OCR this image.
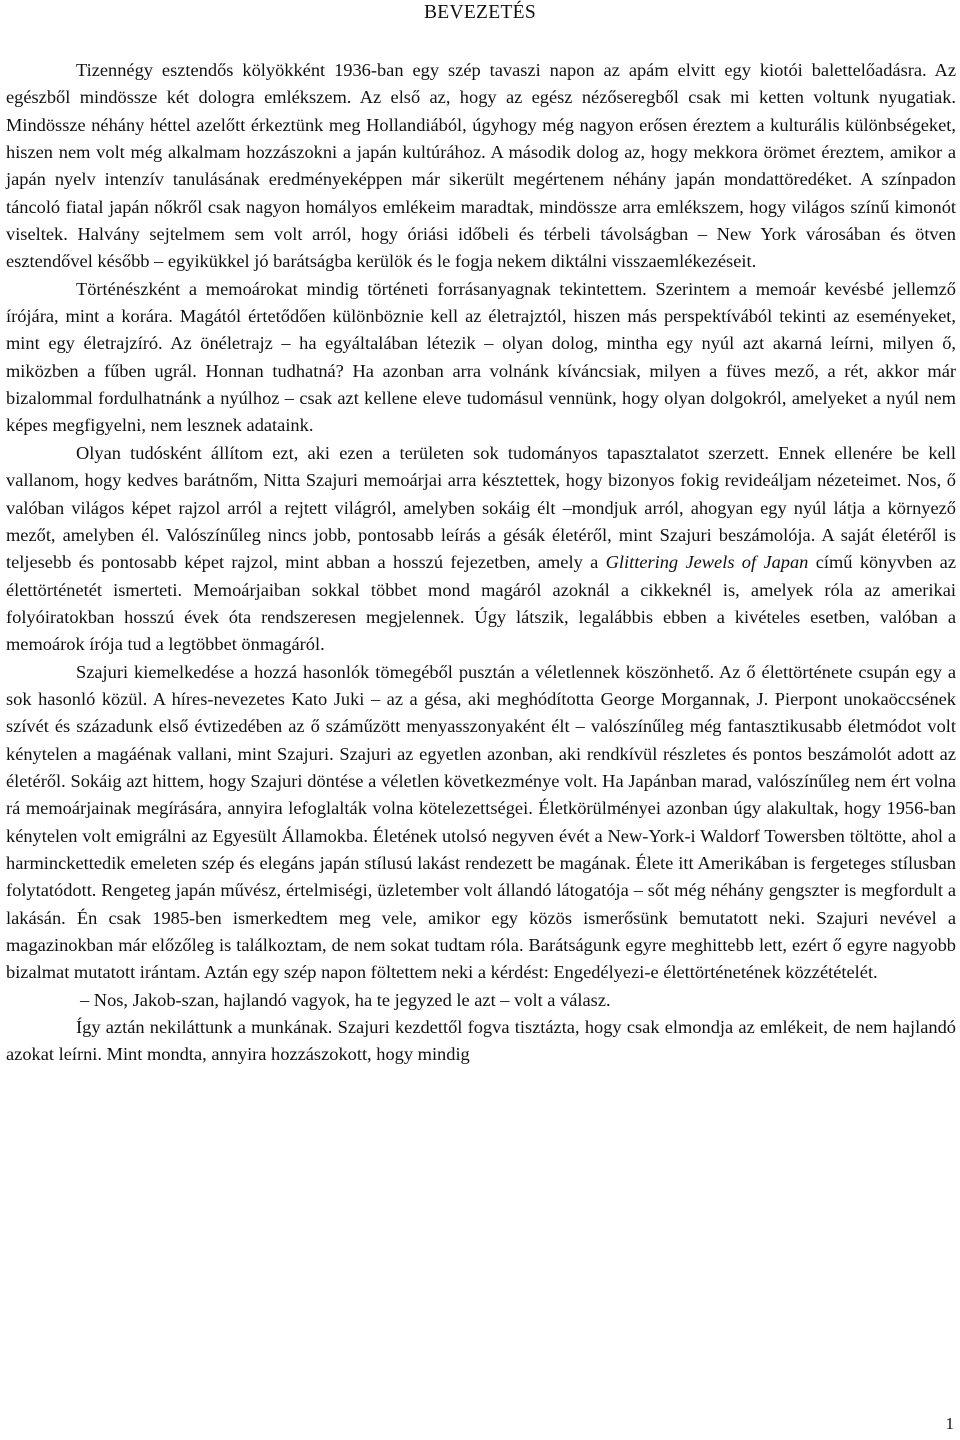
BEVEZETÉS

Tizennégy esztendős kölyökként 1936-ban egy szép tavaszi napon az apám elvitt egy kiotói balettelőadásra. Az egészből mindössze két dologra emlékszem. Az első az, hogy az egész nézőseregből csak mi ketten voltunk nyugatiak. Mindössze néhány héttel azelőtt érkeztünk meg Hollandiából, úgyhogy még nagyon erősen éreztem a kulturális különbségeket, hiszen nem volt még alkalmam hozzászokni a japán kultúrához. A második dolog az, hogy mekkora örömet éreztem, amikor a japán nyelv intenzív tanulásának eredményeképpen már sikerült megértenem néhány japán mondattöredéket. A színpadon táncoló fiatal japán nőkről csak nagyon homályos emlékeim maradtak, mindössze arra emlékszem, hogy világos színű kimonót viseltek. Halvány sejtelmem sem volt arról, hogy óriási időbeli és térbeli távolságban – New York városában és ötven esztendővel később – egyikükkel jó barátságba kerülök és le fogja nekem diktálni visszaemlékezéseit.

Történészként a memoárokat mindig történeti forrásanyagnak tekintettem. Szerintem a memoár kevésbé jellemző írójára, mint a korára. Magától értetődően különböznie kell az életrajztól, hiszen más perspektívából tekinti az eseményeket, mint egy életrajzíró. Az önéletrajz – ha egyáltalában létezik – olyan dolog, mintha egy nyúl azt akarná leírni, milyen ő, miközben a fűben ugrál. Honnan tudhatná? Ha azonban arra volnánk kíváncsiak, milyen a füves mező, a rét, akkor már bizalommal fordulhatnánk a nyúlhoz – csak azt kellene eleve tudomásul vennünk, hogy olyan dolgokról, amelyeket a nyúl nem képes megfigyelni, nem lesznek adataink.

Olyan tudósként állítom ezt, aki ezen a területen sok tudományos tapasztalatot szerzett. Ennek ellenére be kell vallanom, hogy kedves barátnőm, Nitta Szajuri memoárjai arra késztettek, hogy bizonyos fokig revideáljam nézeteimet. Nos, ő valóban világos képet rajzol arról a rejtett világról, amelyben sokáig élt –mondjuk arról, ahogyan egy nyúl látja a környező mezőt, amelyben él. Valószínűleg nincs jobb, pontosabb leírás a gésák életéről, mint Szajuri beszámolója. A saját életéről is teljesebb és pontosabb képet rajzol, mint abban a hosszú fejezetben, amely a Glittering Jewels of Japan című könyvben az élettörténetét ismerteti. Memoárjaiban sokkal többet mond magáról azoknál a cikkeknél is, amelyek róla az amerikai folyóiratokban hosszú évek óta rendszeresen megjelennek. Úgy látszik, legalábbis ebben a kivételes esetben, valóban a memoárok írója tud a legtöbbet önmagáról.

Szajuri kiemelkedése a hozzá hasonlók tömegéből pusztán a véletlennek köszönhető. Az ő élettörténete csupán egy a sok hasonló közül. A híres-nevezetes Kato Juki – az a gésa, aki meghódította George Morgannak, J. Pierpont unokaöccsének szívét és századunk első évtizedében az ő száműzött menyasszonyaként élt – valószínűleg még fantasztikusabb életmódot volt kénytelen a magáénak vallani, mint Szajuri. Szajuri az egyetlen azonban, aki rendkívül részletes és pontos beszámolót adott az életéről. Sokáig azt hittem, hogy Szajuri döntése a véletlen következménye volt. Ha Japánban marad, valószínűleg nem ért volna rá memoárjainak megírására, annyira lefoglalták volna kötelezettségei. Életkörülményei azonban úgy alakultak, hogy 1956-ban kénytelen volt emigrálni az Egyesült Államokba. Életének utolsó negyven évét a New-York-i Waldorf Towersben töltötte, ahol a harminckettedik emeleten szép és elegáns japán stílusú lakást rendezett be magának. Élete itt Amerikában is fergeteges stílusban folytatódott. Rengeteg japán művész, értelmiségi, üzletember volt állandó látogatója – sőt még néhány gengszter is megfordult a lakásán. Én csak 1985-ben ismerkedtem meg vele, amikor egy közös ismerősünk bemutatott neki. Szajuri nevével a magazinokban már előzőleg is találkoztam, de nem sokat tudtam róla. Barátságunk egyre meghittebb lett, ezért ő egyre nagyobb bizalmat mutatott irántam. Aztán egy szép napon föltettem neki a kérdést: Engedélyezi-e élettörténetének közzétételét.

– Nos, Jakob-szan, hajlandó vagyok, ha te jegyzed le azt – volt a válasz.

Így aztán nekiláttunk a munkának. Szajuri kezdettől fogva tisztázta, hogy csak elmondja az emlékeit, de nem hajlandó azokat leírni. Mint mondta, annyira hozzászokott, hogy mindig

1
